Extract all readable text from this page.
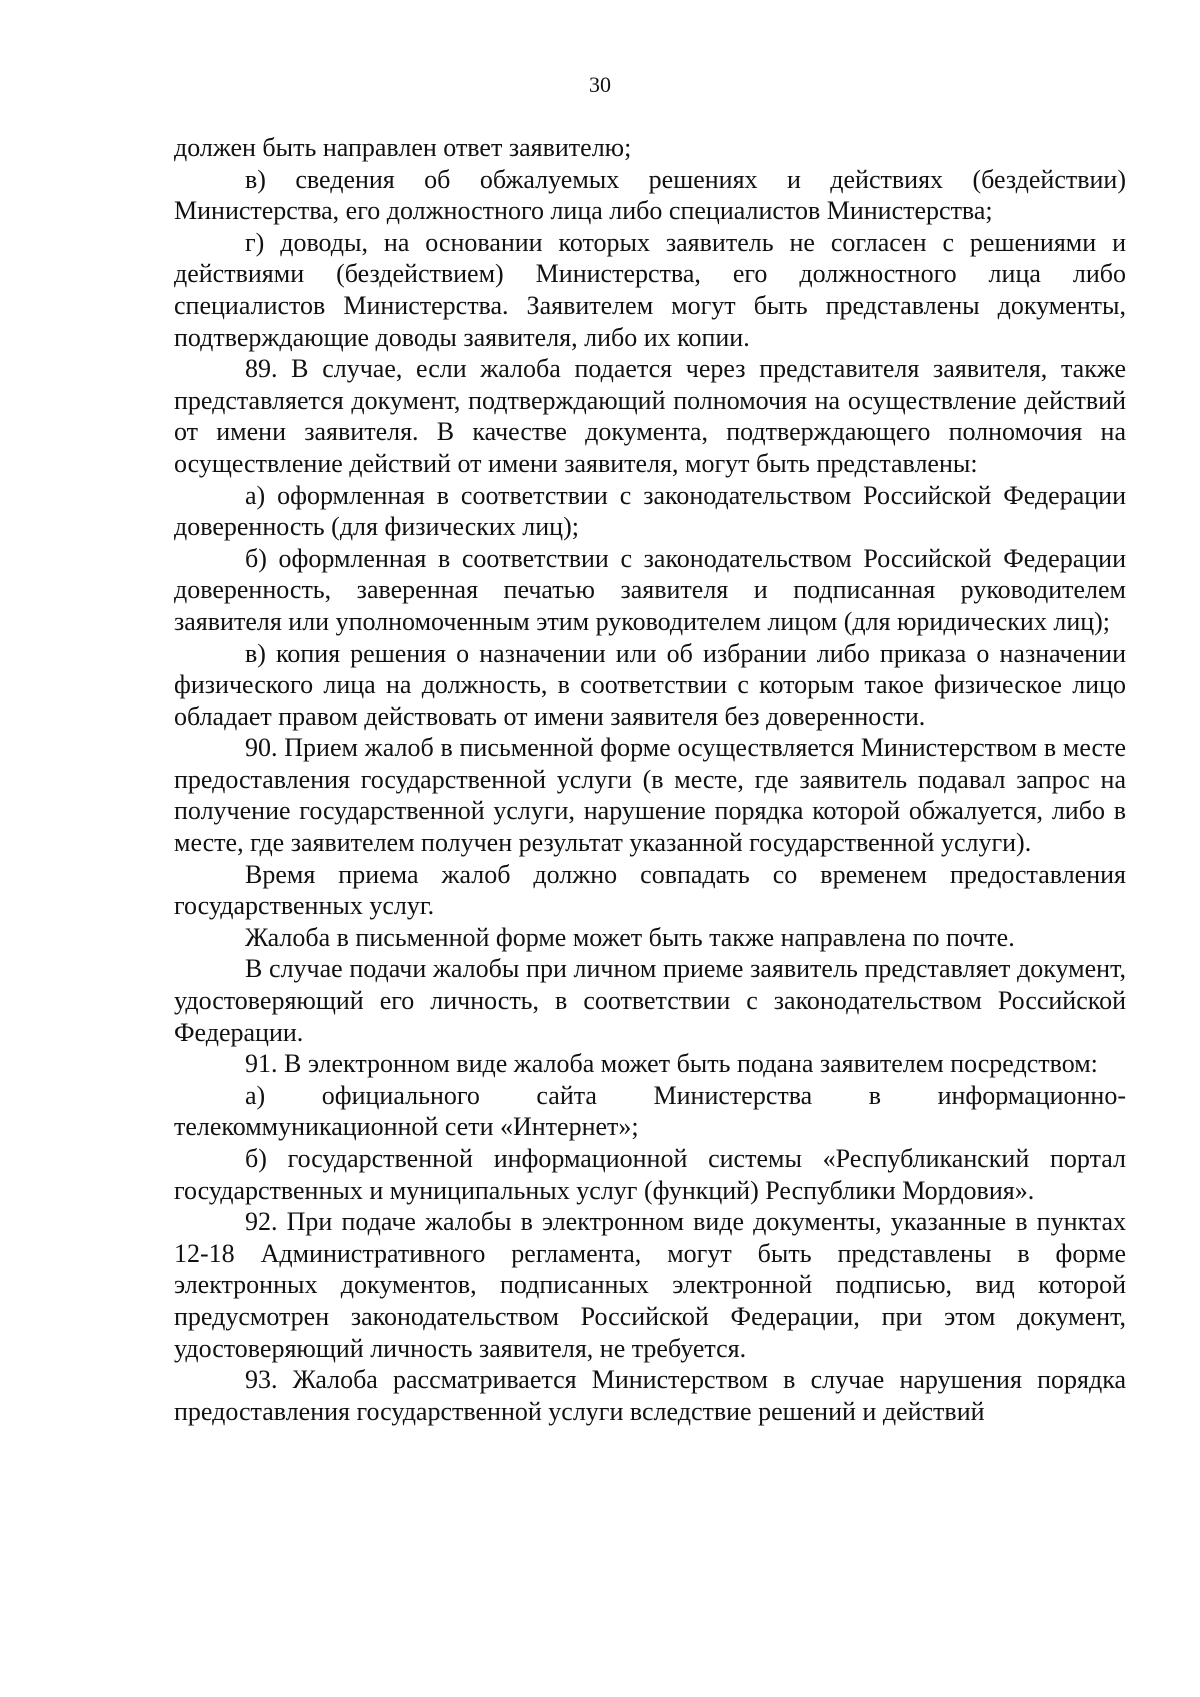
30

должен быть направлен ответ заявителю;

в) сведения об обжалуемых решениях и действиях (бездействии) Министерства, его должностного лица либо специалистов Министерства;

г) доводы, на основании которых заявитель не согласен с решениями и действиями (бездействием) Министерства, его должностного лица либо специалистов Министерства. Заявителем могут быть представлены документы, подтверждающие доводы заявителя, либо их копии.

89. В случае, если жалоба подается через представителя заявителя, также представляется документ, подтверждающий полномочия на осуществление действий от имени заявителя. В качестве документа, подтверждающего полномочия на осуществление действий от имени заявителя, могут быть представлены:

а) оформленная в соответствии с законодательством Российской Федерации доверенность (для физических лиц);

б) оформленная в соответствии с законодательством Российской Федерации доверенность, заверенная печатью заявителя и подписанная руководителем заявителя или уполномоченным этим руководителем лицом (для юридических лиц);

в) копия решения о назначении или об избрании либо приказа о назначении физического лица на должность, в соответствии с которым такое физическое лицо обладает правом действовать от имени заявителя без доверенности.

90. Прием жалоб в письменной форме осуществляется Министерством в месте предоставления государственной услуги (в месте, где заявитель подавал запрос на получение государственной услуги, нарушение порядка которой обжалуется, либо в месте, где заявителем получен результат указанной государственной услуги).

Время приема жалоб должно совпадать со временем предоставления государственных услуг.

Жалоба в письменной форме может быть также направлена по почте.

В случае подачи жалобы при личном приеме заявитель представляет документ, удостоверяющий его личность, в соответствии с законодательством Российской Федерации.

91. В электронном виде жалоба может быть подана заявителем посредством:

а) официального сайта Министерства в информационно-телекоммуникационной сети «Интернет»;

б) государственной информационной системы «Республиканский портал государственных и муниципальных услуг (функций) Республики Мордовия».

92. При подаче жалобы в электронном виде документы, указанные в пунктах 12-18 Административного регламента, могут быть представлены в форме электронных документов, подписанных электронной подписью, вид которой предусмотрен законодательством Российской Федерации, при этом документ, удостоверяющий личность заявителя, не требуется.

93. Жалоба рассматривается Министерством в случае нарушения порядка предоставления государственной услуги вследствие решений и действий
